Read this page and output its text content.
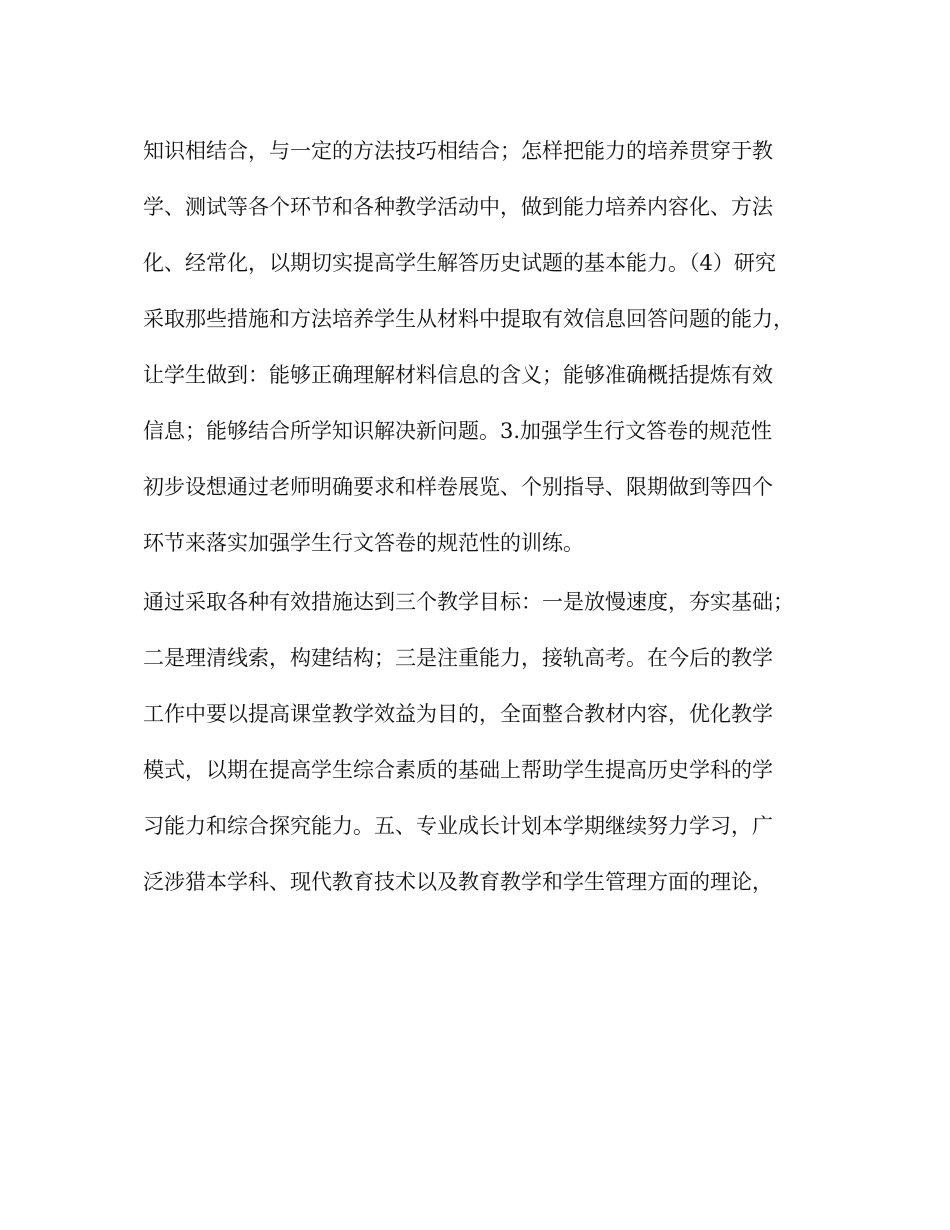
知识相结合，与一定的方法技巧相结合；怎样把能力的培养贯穿于教
学、测试等各个环节和各种教学活动中，做到能力培养内容化、方法
化、经常化，以期切实提高学生解答历史试题的基本能力。（4）研究
采取那些措施和方法培养学生从材料中提取有效信息回答问题的能力，
让学生做到：能够正确理解材料信息的含义；能够准确概括提炼有效
信息；能够结合所学知识解决新问题。3.加强学生行文答卷的规范性
初步设想通过老师明确要求和样卷展览、个别指导、限期做到等四个
环节来落实加强学生行文答卷的规范性的训练。
通过采取各种有效措施达到三个教学目标：一是放慢速度，夯实基础；
二是理清线索，构建结构；三是注重能力，接轨高考。在今后的教学
工作中要以提高课堂教学效益为目的，全面整合教材内容，优化教学
模式，以期在提高学生综合素质的基础上帮助学生提高历史学科的学
习能力和综合探究能力。五、专业成长计划本学期继续努力学习，广
泛涉猎本学科、现代教育技术以及教育教学和学生管理方面的理论，
